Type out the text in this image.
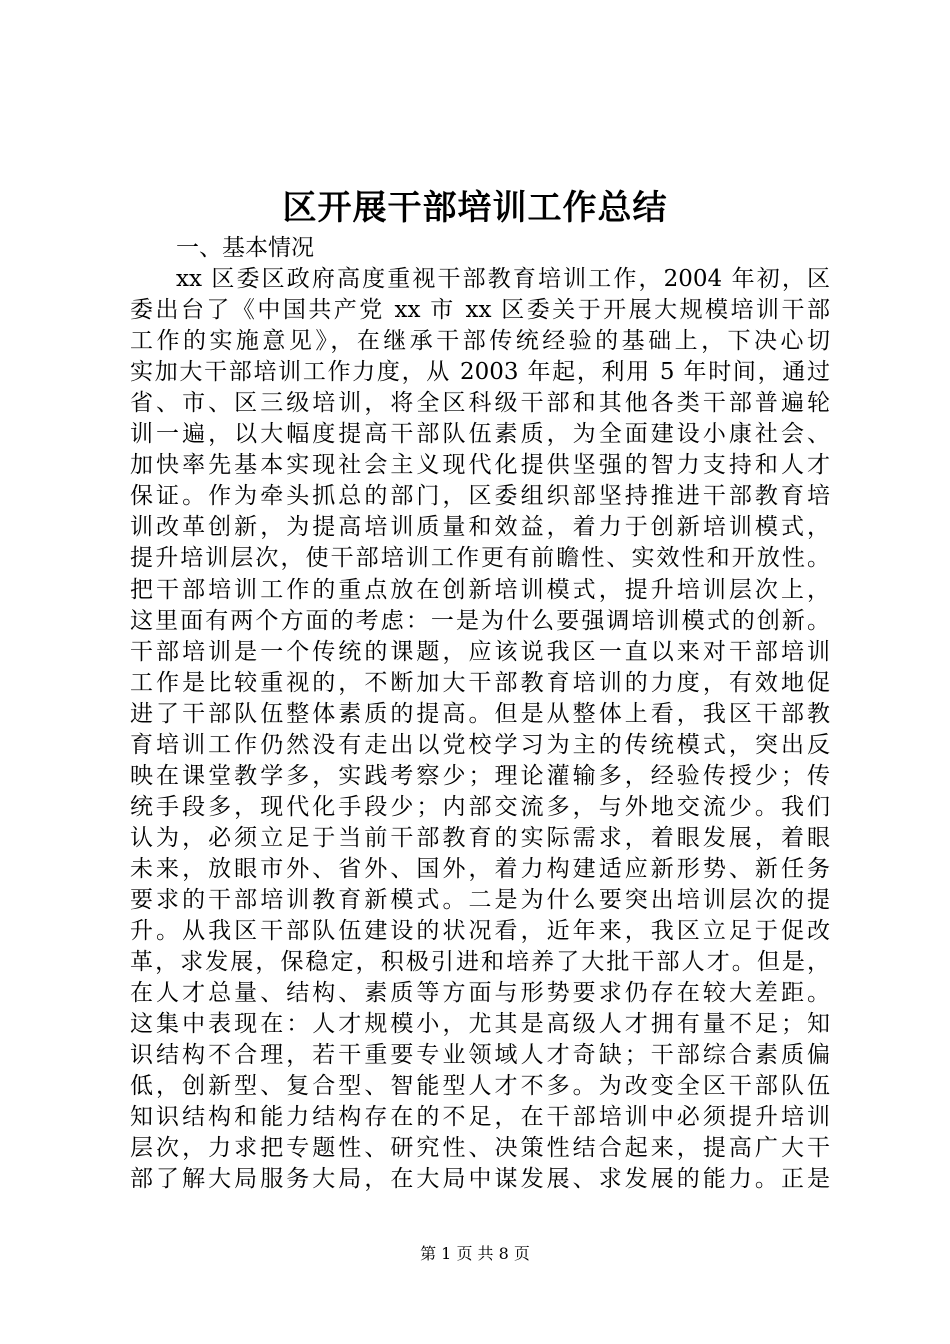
区开展干部培训工作总结
一、基本情况
xx 区委区政府高度重视干部教育培训工作，2004 年初，区
委出台了《中国共产党 xx 市 xx 区委关于开展大规模培训干部
工作的实施意见》，在继承干部传统经验的基础上，下决心切
实加大干部培训工作力度，从 2003 年起，利用 5 年时间，通过
省、市、区三级培训，将全区科级干部和其他各类干部普遍轮
训一遍，以大幅度提高干部队伍素质，为全面建设小康社会、
加快率先基本实现社会主义现代化提供坚强的智力支持和人才
保证。作为牵头抓总的部门，区委组织部坚持推进干部教育培
训改革创新，为提高培训质量和效益，着力于创新培训模式，
提升培训层次，使干部培训工作更有前瞻性、实效性和开放性。
把干部培训工作的重点放在创新培训模式，提升培训层次上，
这里面有两个方面的考虑：一是为什么要强调培训模式的创新。
干部培训是一个传统的课题，应该说我区一直以来对干部培训
工作是比较重视的，不断加大干部教育培训的力度，有效地促
进了干部队伍整体素质的提高。但是从整体上看，我区干部教
育培训工作仍然没有走出以党校学习为主的传统模式，突出反
映在课堂教学多，实践考察少；理论灌输多，经验传授少；传
统手段多，现代化手段少；内部交流多，与外地交流少。我们
认为，必须立足于当前干部教育的实际需求，着眼发展，着眼
未来，放眼市外、省外、国外，着力构建适应新形势、新任务
要求的干部培训教育新模式。二是为什么要突出培训层次的提
升。从我区干部队伍建设的状况看，近年来，我区立足于促改
革，求发展，保稳定，积极引进和培养了大批干部人才。但是，
在人才总量、结构、素质等方面与形势要求仍存在较大差距。
这集中表现在：人才规模小，尤其是高级人才拥有量不足；知
识结构不合理，若干重要专业领域人才奇缺；干部综合素质偏
低，创新型、复合型、智能型人才不多。为改变全区干部队伍
知识结构和能力结构存在的不足，在干部培训中必须提升培训
层次，力求把专题性、研究性、决策性结合起来，提高广大干
部了解大局服务大局，在大局中谋发展、求发展的能力。正是
第 1 页 共 8 页
